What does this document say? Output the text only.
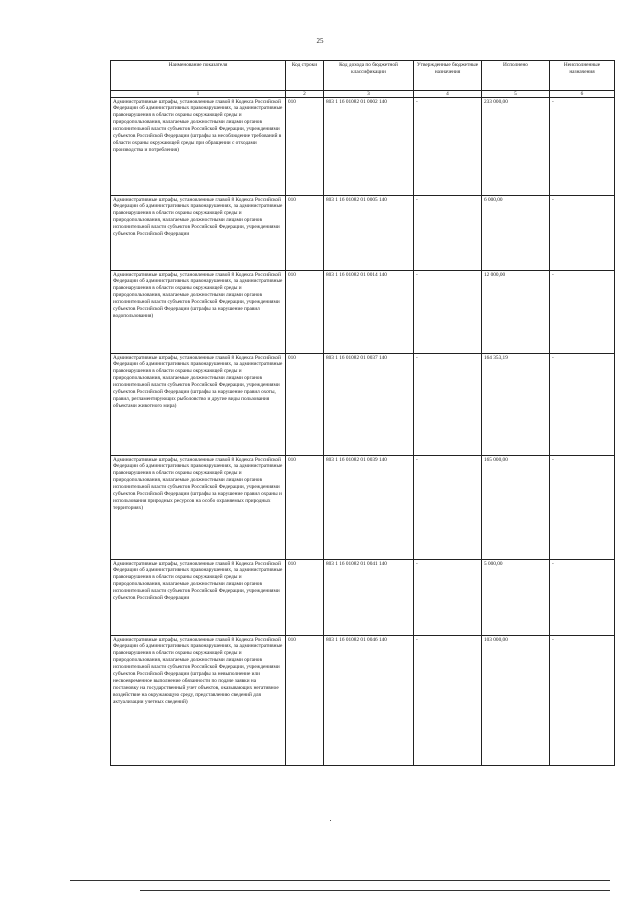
25
Наименование показателя	Код строки	Код дохода по бюджетной классификации	Утвержденные бюджетные назначения	Исполнено	Неисполненные назначения
1	2	3	4	5	6
Административные штрафы, установленные главой 8 Кодекса Российской Федерации об административных правонарушениях, за административные правонарушения в области охраны окружающей среды и природопользования, налагаемые должностными лицами органов исполнительной власти субъектов Российской Федерации, учреждениями субъектов Российской Федерации (штрафы за несоблюдение требований в области охраны окружающей среды при обращении с отходами производства и потребления)	010	803 1 16 01082 01 0002 140	-	233 000,00	-
Административные штрафы, установленные главой 8 Кодекса Российской Федерации об административных правонарушениях, за административные правонарушения в области охраны окружающей среды и природопользования, налагаемые должностными лицами органов исполнительной власти субъектов Российской Федерации, учреждениями субъектов Российской Федерации	010	803 1 16 01082 01 0005 140	-	6 000,00	-
Административные штрафы, установленные главой 8 Кодекса Российской Федерации об административных правонарушениях, за административные правонарушения в области охраны окружающей среды и природопользования, налагаемые должностными лицами органов исполнительной власти субъектов Российской Федерации, учреждениями субъектов Российской Федерации (штрафы за нарушение правил водопользования)	010	803 1 16 01082 01 0014 140	-	12 000,00	-
Административные штрафы, установленные главой 8 Кодекса Российской Федерации об административных правонарушениях, за административные правонарушения в области охраны окружающей среды и природопользования, налагаемые должностными лицами органов исполнительной власти субъектов Российской Федерации, учреждениями субъектов Российской Федерации (штрафы за нарушение правил охоты, правил, регламентирующих рыболовство и другие виды пользования объектами животного мира)	010	803 1 16 01082 01 0037 140	-	164 353,19	-
Административные штрафы, установленные главой 8 Кодекса Российской Федерации об административных правонарушениях, за административные правонарушения в области охраны окружающей среды и природопользования, налагаемые должностными лицами органов исполнительной власти субъектов Российской Федерации, учреждениями субъектов Российской Федерации (штрафы за нарушение правил охраны и использования природных ресурсов на особо охраняемых природных территориях)	010	803 1 16 01082 01 0039 140	-	165 000,00	-
Административные штрафы, установленные главой 8 Кодекса Российской Федерации об административных правонарушениях, за административные правонарушения в области охраны окружающей среды и природопользования, налагаемые должностными лицами органов исполнительной власти субъектов Российской Федерации, учреждениями субъектов Российской Федерации	010	803 1 16 01082 01 0041 140	-	5 000,00	-
Административные штрафы, установленные главой 8 Кодекса Российской Федерации об административных правонарушениях, за административные правонарушения в области охраны окружающей среды и природопользования, налагаемые должностными лицами органов исполнительной власти субъектов Российской Федерации, учреждениями субъектов Российской Федерации (штрафы за невыполнение или несвоевременное выполнение обязанности по подаче заявки на постановку на государственный учет объектов, оказывающих негативное воздействие на окружающую среду, представлению сведений для актуализации учетных сведений)	010	803 1 16 01082 01 0046 140	-	103 000,00	-
